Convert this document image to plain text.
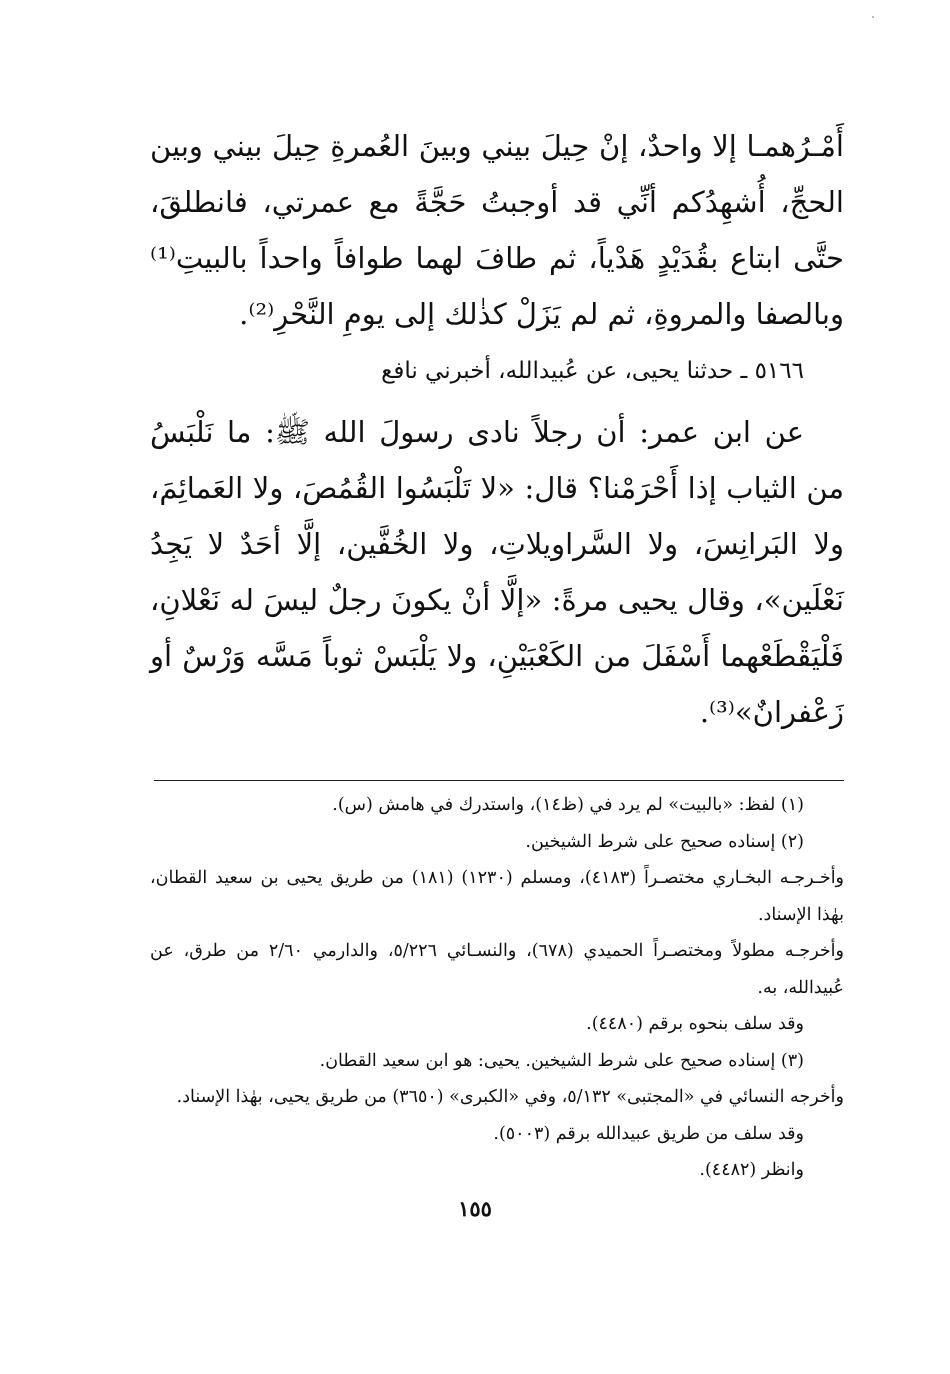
أَمْـرُهمـا إلا واحدٌ، إنْ حِيلَ بيني وبينَ العُمرةِ حِيلَ بيني وبين الحجِّ، أُشهِدُكم أنِّي قد أوجبتُ حَجَّةً مع عمرتي، فانطلقَ، حتَّى ابتاع بقُدَيْدٍ هَدْياً، ثم طافَ لهما طوافاً واحداً بالبيتِ⁽¹⁾ وبالصفا والمروةِ، ثم لم يَزَلْ كذٰلك إلى يومِ النَّحْرِ⁽²⁾.

٥١٦٦ ـ حدثنا يحيى، عن عُبيدالله، أخبرني نافع

عن ابن عمر: أن رجلاً نادى رسولَ الله ﷺ: ما نَلْبَسُ من الثياب إذا أَحْرَمْنا؟ قال: «لا تَلْبَسُوا القُمُصَ، ولا العَمائِمَ، ولا البَرانِسَ، ولا السَّراويلاتِ، ولا الخُفَّين، إلَّا أحَدٌ لا يَجِدُ نَعْلَين»، وقال يحيى مرةً: «إلَّا أنْ يكونَ رجلٌ ليسَ له نَعْلانِ، فَلْيَقْطَعْهما أَسْفَلَ من الكَعْبَيْنِ، ولا يَلْبَسْ ثوباً مَسَّه وَرْسٌ أو زَعْفرانٌ»⁽³⁾.

(١) لفظ: «بالبيت» لم يرد في (ظ١٤)، واستدرك في هامش (س).

(٢) إسناده صحيح على شرط الشيخين.

وأخـرجـه البخـاري مختصـراً (٤١٨٣)، ومسلم (١٢٣٠) (١٨١) من طريق يحيى بن سعيد القطان، بهٰذا الإسناد.

وأخرجـه مطولاً ومختصـراً الحميدي (٦٧٨)، والنسـائي ٥/٢٢٦، والدارمي ٢/٦٠ من طرق، عن عُبيدالله، به.

وقد سلف بنحوه برقم (٤٤٨٠).

(٣) إسناده صحيح على شرط الشيخين. يحيى: هو ابن سعيد القطان.

وأخرجه النسائي في «المجتبى» ٥/١٣٢، وفي «الكبرى» (٣٦٥٠) من طريق يحيى، بهٰذا الإسناد.

وقد سلف من طريق عبيدالله برقم (٥٠٠٣).

وانظر (٤٤٨٢).

١٥٥
